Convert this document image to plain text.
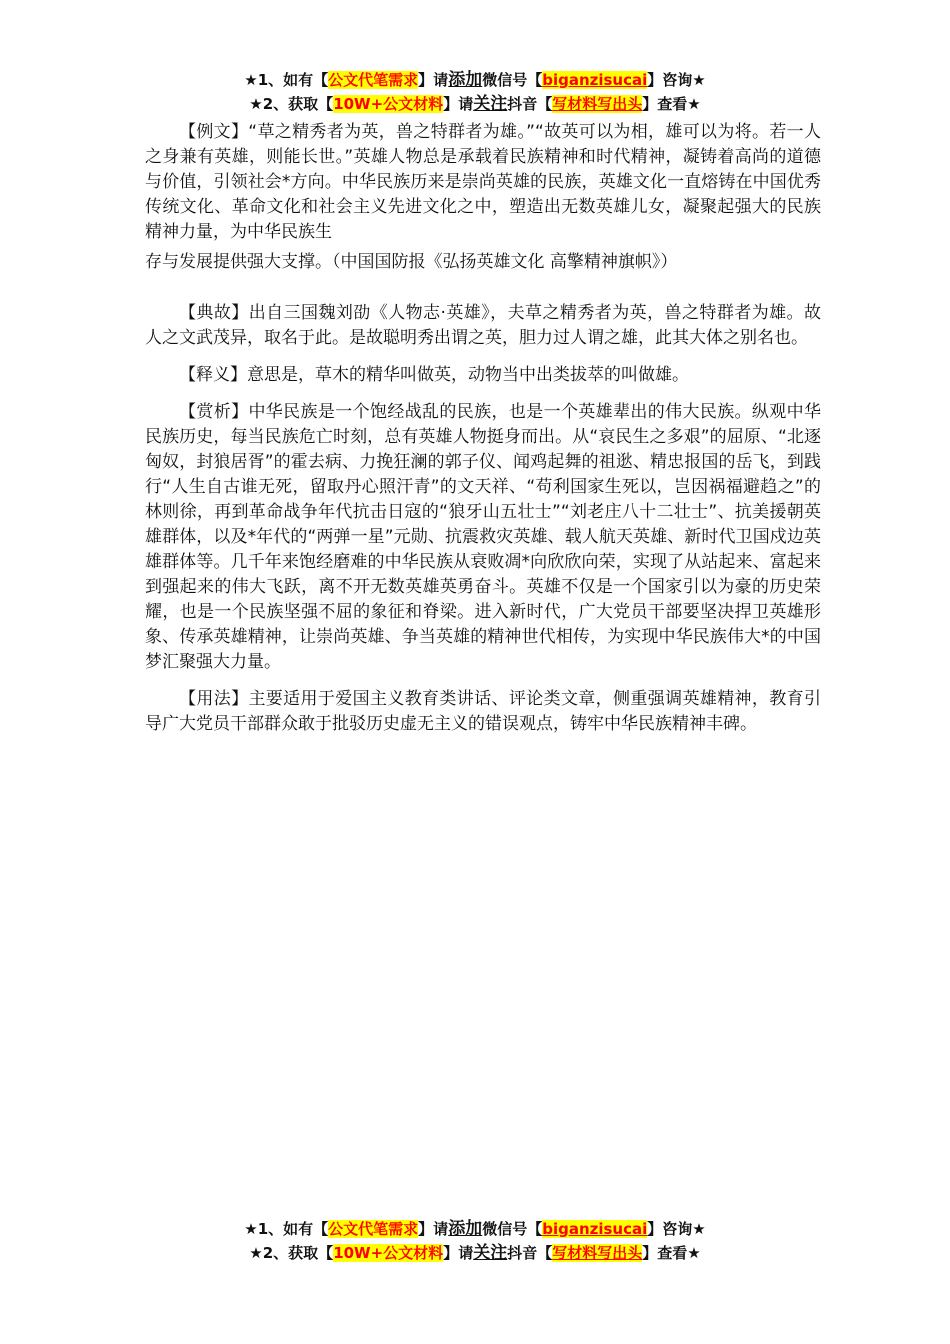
★1、如有【公文代笔需求】请添加微信号【biganzisucai】咨询★
★2、获取【10W+公文材料】请关注抖音【写材料写出头】查看★

【例文】“草之精秀者为英，兽之特群者为雄。”“故英可以为相，雄可以为将。若一人之身兼有英雄，则能长世。”英雄人物总是承载着民族精神和时代精神，凝铸着高尚的道德与价值，引领社会*方向。中华民族历来是崇尚英雄的民族，英雄文化一直熔铸在中国优秀传统文化、革命文化和社会主义先进文化之中，塑造出无数英雄儿女，凝聚起强大的民族精神力量，为中华民族生

存与发展提供强大支撑。（中国国防报《弘扬英雄文化 高擎精神旗帜》）

【典故】出自三国魏刘劭《人物志·英雄》，夫草之精秀者为英，兽之特群者为雄。故人之文武茂异，取名于此。是故聪明秀出谓之英，胆力过人谓之雄，此其大体之别名也。

【释义】意思是，草木的精华叫做英，动物当中出类拔萃的叫做雄。

【赏析】中华民族是一个饱经战乱的民族，也是一个英雄辈出的伟大民族。纵观中华民族历史，每当民族危亡时刻，总有英雄人物挺身而出。从“哀民生之多艰”的屈原、“北逐匈奴，封狼居胥”的霍去病、力挽狂澜的郭子仪、闻鸡起舞的祖逖、精忠报国的岳飞，到践行“人生自古谁无死，留取丹心照汗青”的文天祥、“苟利国家生死以，岂因祸福避趋之”的林则徐，再到革命战争年代抗击日寇的“狼牙山五壮士”“刘老庄八十二壮士”、抗美援朝英雄群体，以及*年代的“两弹一星”元勋、抗震救灾英雄、载人航天英雄、新时代卫国戍边英雄群体等。几千年来饱经磨难的中华民族从衰败凋*向欣欣向荣，实现了从站起来、富起来到强起来的伟大飞跃，离不开无数英雄英勇奋斗。英雄不仅是一个国家引以为豪的历史荣耀，也是一个民族坚强不屈的象征和脊梁。进入新时代，广大党员干部要坚决捍卫英雄形象、传承英雄精神，让崇尚英雄、争当英雄的精神世代相传，为实现中华民族伟大*的中国梦汇聚强大力量。

【用法】主要适用于爱国主义教育类讲话、评论类文章，侧重强调英雄精神，教育引导广大党员干部群众敢于批驳历史虚无主义的错误观点，铸牢中华民族精神丰碑。

★1、如有【公文代笔需求】请添加微信号【biganzisucai】咨询★
★2、获取【10W+公文材料】请关注抖音【写材料写出头】查看★
